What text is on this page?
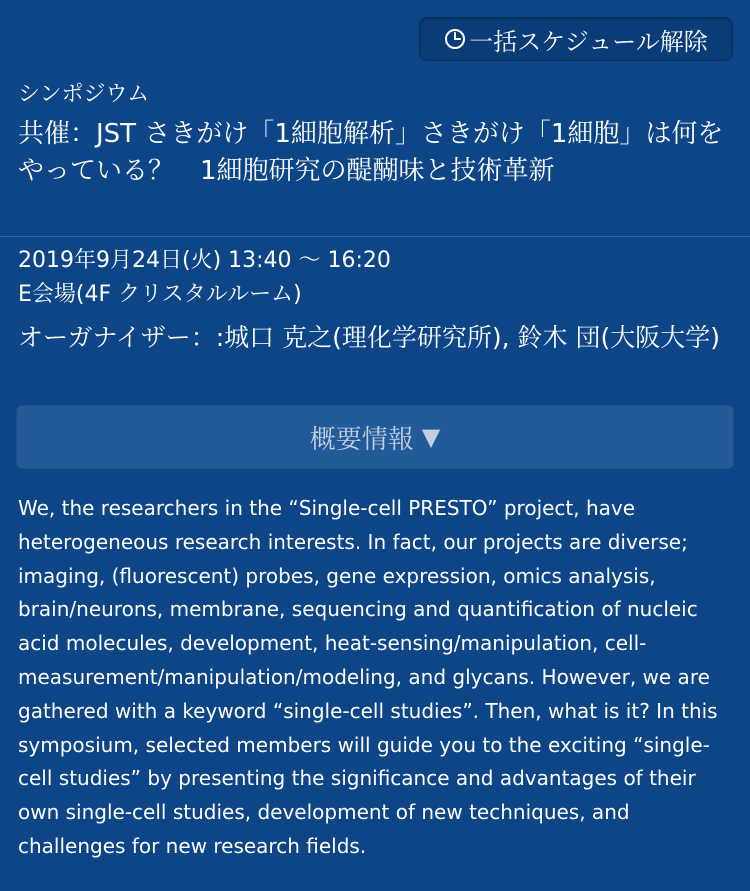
一括スケジュール解除
シンポジウム
共催：JST さきがけ「1細胞解析」さきがけ「1細胞」は何をやっている？　1細胞研究の醍醐味と技術革新
2019年9月24日(火) 13:40 〜 16:20
E会場(4F クリスタルルーム)
オーガナイザー：:城口 克之(理化学研究所), 鈴木 団(大阪大学)
概要情報 ▼

We, the researchers in the “Single-cell PRESTO” project, have heterogeneous research interests. In fact, our projects are diverse; imaging, (fluorescent) probes, gene expression, omics analysis, brain/neurons, membrane, sequencing and quantification of nucleic acid molecules, development, heat-sensing/manipulation, cell-measurement/manipulation/modeling, and glycans. However, we are gathered with a keyword “single-cell studies”. Then, what is it? In this symposium, selected members will guide you to the exciting “single-cell studies” by presenting the significance and advantages of their own single-cell studies, development of new techniques, and challenges for new research fields.
